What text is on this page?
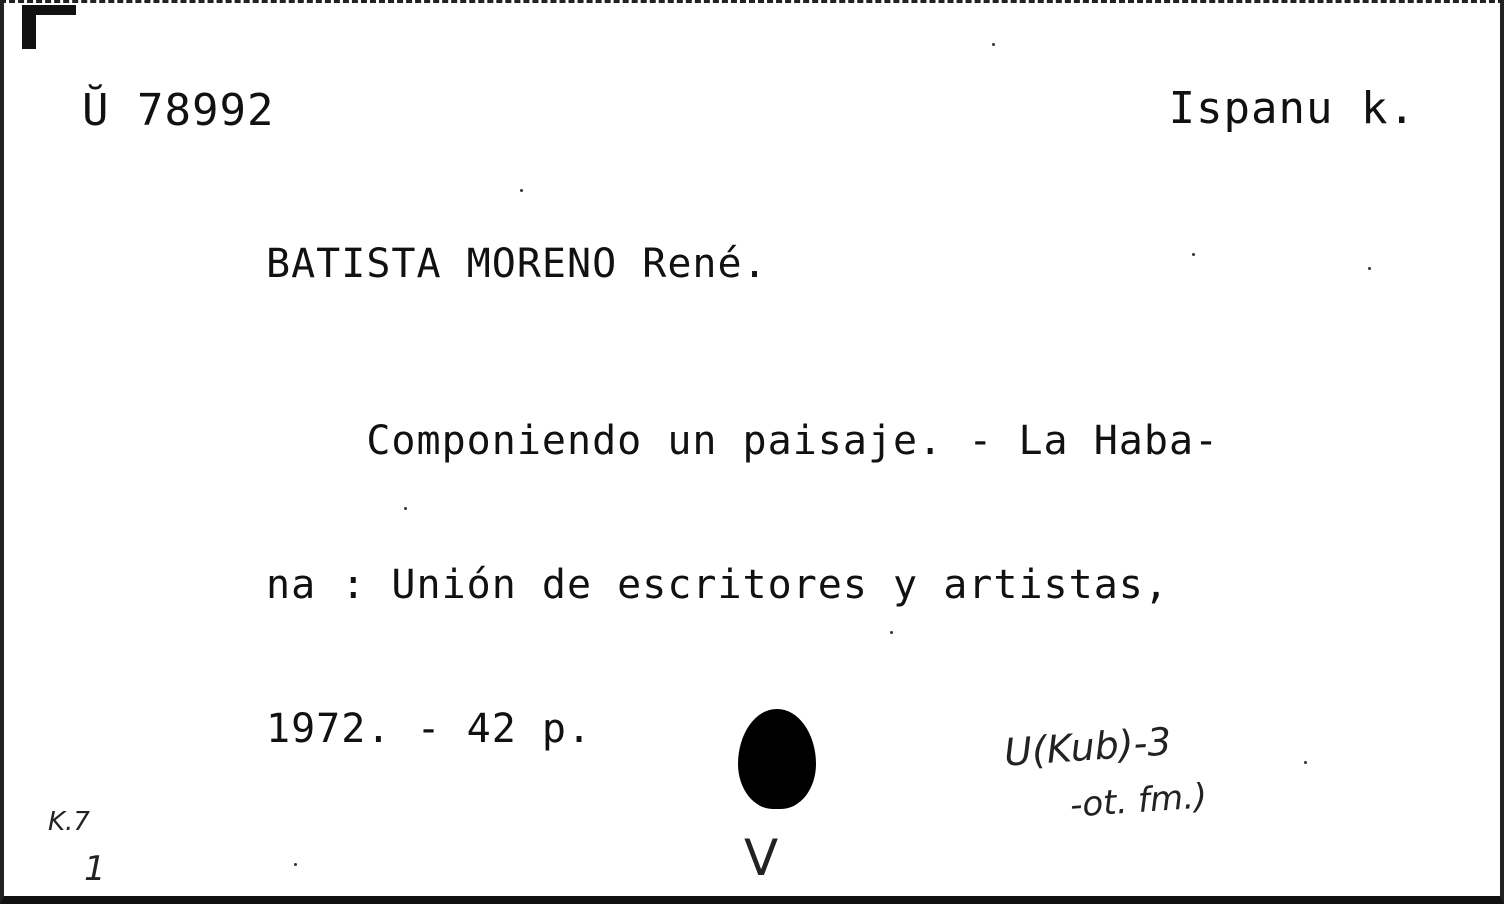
Ŭ 78992	Ispanu k.
BATISTA MORENO René.

Componiendo un paisaje. - La Haba-

na : Unión de escritores y artistas,

1972. - 42 p.

	U(Kub)-3
-ot. fm.)
K.7
1	V
